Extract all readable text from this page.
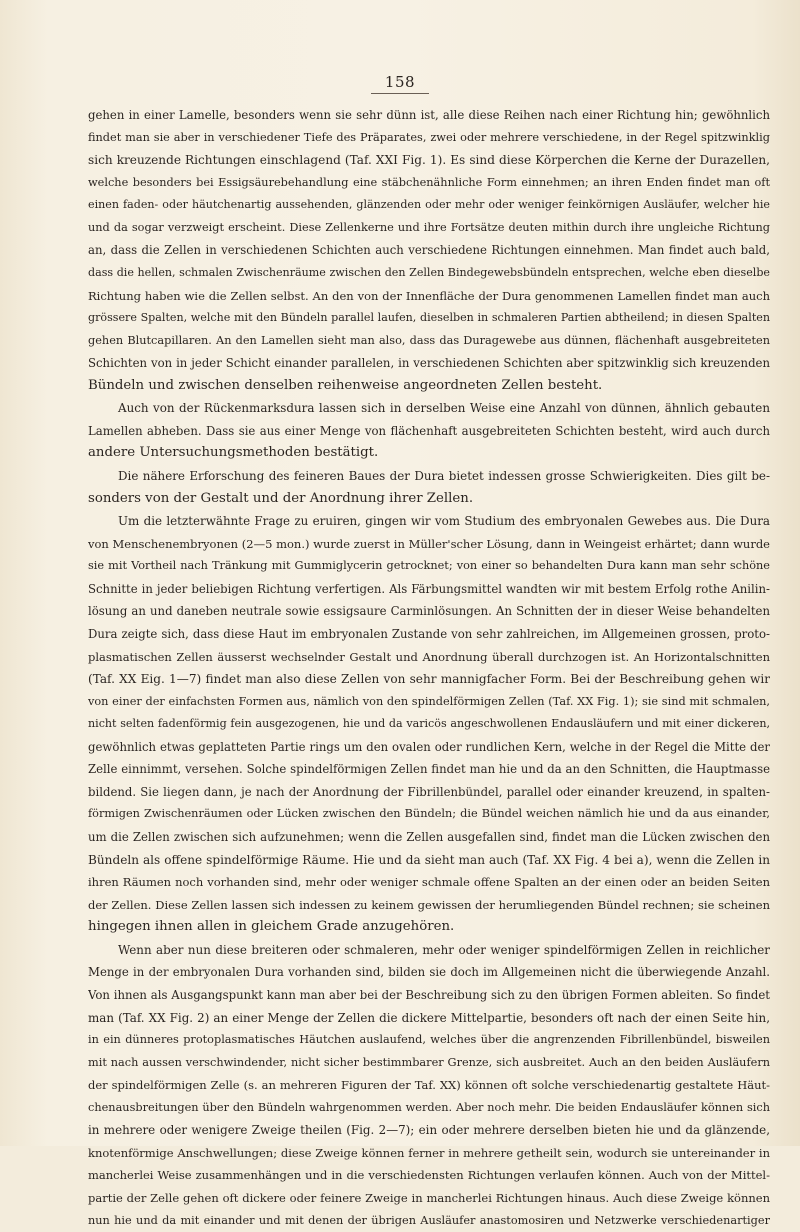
158
gehen in einer Lamelle, besonders wenn sie sehr dünn ist, alle diese Reihen nach einer Richtung hin; gewöhnlich
findet man sie aber in verschiedener Tiefe des Präparates, zwei oder mehrere verschiedene, in der Regel spitzwinklig
sich kreuzende Richtungen einschlagend (Taf. XXI Fig. 1). Es sind diese Körperchen die Kerne der Durazellen,
welche besonders bei Essigsäurebehandlung eine stäbchenähnliche Form einnehmen; an ihren Enden findet man oft
einen faden- oder häutchenartig aussehenden, glänzenden oder mehr oder weniger feinkörnigen Ausläufer, welcher hie
und da sogar verzweigt erscheint. Diese Zellenkerne und ihre Fortsätze deuten mithin durch ihre ungleiche Richtung
an, dass die Zellen in verschiedenen Schichten auch verschiedene Richtungen einnehmen. Man findet auch bald,
dass die hellen, schmalen Zwischenräume zwischen den Zellen Bindegewebsbündeln entsprechen, welche eben dieselbe
Richtung haben wie die Zellen selbst. An den von der Innenfläche der Dura genommenen Lamellen findet man auch
grössere Spalten, welche mit den Bündeln parallel laufen, dieselben in schmaleren Partien abtheilend; in diesen Spalten
gehen Blutcapillaren. An den Lamellen sieht man also, dass das Duragewebe aus dünnen, flächenhaft ausgebreiteten
Schichten von in jeder Schicht einander parallelen, in verschiedenen Schichten aber spitzwinklig sich kreuzenden
Bündeln und zwischen denselben reihenweise angeordneten Zellen besteht.
Auch von der Rückenmarksdura lassen sich in derselben Weise eine Anzahl von dünnen, ähnlich gebauten
Lamellen abheben. Dass sie aus einer Menge von flächenhaft ausgebreiteten Schichten besteht, wird auch durch
andere Untersuchungsmethoden bestätigt.
Die nähere Erforschung des feineren Baues der Dura bietet indessen grosse Schwierigkeiten. Dies gilt be-
sonders von der Gestalt und der Anordnung ihrer Zellen.
Um die letzterwähnte Frage zu eruiren, gingen wir vom Studium des embryonalen Gewebes aus. Die Dura
von Menschenembryonen (2—5 mon.) wurde zuerst in Müller'scher Lösung, dann in Weingeist erhärtet; dann wurde
sie mit Vortheil nach Tränkung mit Gummiglycerin getrocknet; von einer so behandelten Dura kann man sehr schöne
Schnitte in jeder beliebigen Richtung verfertigen. Als Färbungsmittel wandten wir mit bestem Erfolg rothe Anilin-
lösung an und daneben neutrale sowie essigsaure Carminlösungen. An Schnitten der in dieser Weise behandelten
Dura zeigte sich, dass diese Haut im embryonalen Zustande von sehr zahlreichen, im Allgemeinen grossen, proto-
plasmatischen Zellen äusserst wechselnder Gestalt und Anordnung überall durchzogen ist. An Horizontalschnitten
(Taf. XX Eig. 1—7) findet man also diese Zellen von sehr mannigfacher Form. Bei der Beschreibung gehen wir
von einer der einfachsten Formen aus, nämlich von den spindelförmigen Zellen (Taf. XX Fig. 1); sie sind mit schmalen,
nicht selten fadenförmig fein ausgezogenen, hie und da varicös angeschwollenen Endausläufern und mit einer dickeren,
gewöhnlich etwas geplatteten Partie rings um den ovalen oder rundlichen Kern, welche in der Regel die Mitte der
Zelle einnimmt, versehen. Solche spindelförmigen Zellen findet man hie und da an den Schnitten, die Hauptmasse
bildend. Sie liegen dann, je nach der Anordnung der Fibrillenbündel, parallel oder einander kreuzend, in spalten-
förmigen Zwischenräumen oder Lücken zwischen den Bündeln; die Bündel weichen nämlich hie und da aus einander,
um die Zellen zwischen sich aufzunehmen; wenn die Zellen ausgefallen sind, findet man die Lücken zwischen den
Bündeln als offene spindelförmige Räume. Hie und da sieht man auch (Taf. XX Fig. 4 bei a), wenn die Zellen in
ihren Räumen noch vorhanden sind, mehr oder weniger schmale offene Spalten an der einen oder an beiden Seiten
der Zellen. Diese Zellen lassen sich indessen zu keinem gewissen der herumliegenden Bündel rechnen; sie scheinen
hingegen ihnen allen in gleichem Grade anzugehören.
Wenn aber nun diese breiteren oder schmaleren, mehr oder weniger spindelförmigen Zellen in reichlicher
Menge in der embryonalen Dura vorhanden sind, bilden sie doch im Allgemeinen nicht die überwiegende Anzahl.
Von ihnen als Ausgangspunkt kann man aber bei der Beschreibung sich zu den übrigen Formen ableiten. So findet
man (Taf. XX Fig. 2) an einer Menge der Zellen die dickere Mittelpartie, besonders oft nach der einen Seite hin,
in ein dünneres protoplasmatisches Häutchen auslaufend, welches über die angrenzenden Fibrillenbündel, bisweilen
mit nach aussen verschwindender, nicht sicher bestimmbarer Grenze, sich ausbreitet. Auch an den beiden Ausläufern
der spindelförmigen Zelle (s. an mehreren Figuren der Taf. XX) können oft solche verschiedenartig gestaltete Häut-
chenausbreitungen über den Bündeln wahrgenommen werden. Aber noch mehr. Die beiden Endausläufer können sich
in mehrere oder wenigere Zweige theilen (Fig. 2—7); ein oder mehrere derselben bieten hie und da glänzende,
knotenförmige Anschwellungen; diese Zweige können ferner in mehrere getheilt sein, wodurch sie untereinander in
mancherlei Weise zusammenhängen und in die verschiedensten Richtungen verlaufen können. Auch von der Mittel-
partie der Zelle gehen oft dickere oder feinere Zweige in mancherlei Richtungen hinaus. Auch diese Zweige können
nun hie und da mit einander und mit denen der übrigen Ausläufer anastomosiren und Netzwerke verschiedenartiger
